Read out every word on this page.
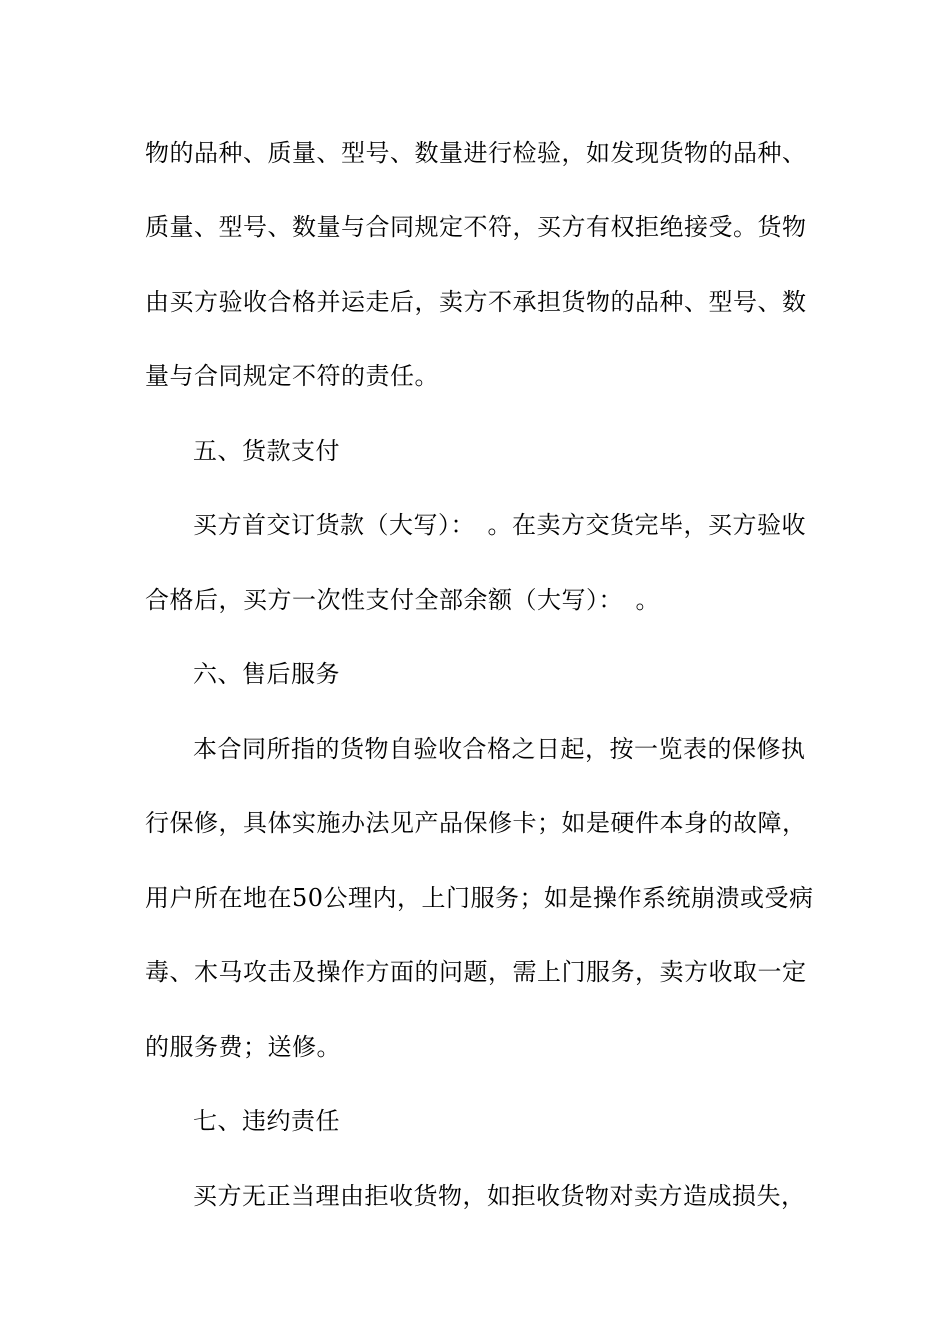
物的品种、质量、型号、数量进行检验，如发现货物的品种、
质量、型号、数量与合同规定不符，买方有权拒绝接受。货物
由买方验收合格并运走后，卖方不承担货物的品种、型号、数
量与合同规定不符的责任。
五、货款支付
买方首交订货款（大写）：　。在卖方交货完毕，买方验收
合格后，买方一次性支付全部余额（大写）：　。
六、售后服务
本合同所指的货物自验收合格之日起，按一览表的保修执
行保修，具体实施办法见产品保修卡；如是硬件本身的故障，
用户所在地在50公理内，上门服务；如是操作系统崩溃或受病
毒、木马攻击及操作方面的问题，需上门服务，卖方收取一定
的服务费；送修。
七、违约责任
买方无正当理由拒收货物，如拒收货物对卖方造成损失，
